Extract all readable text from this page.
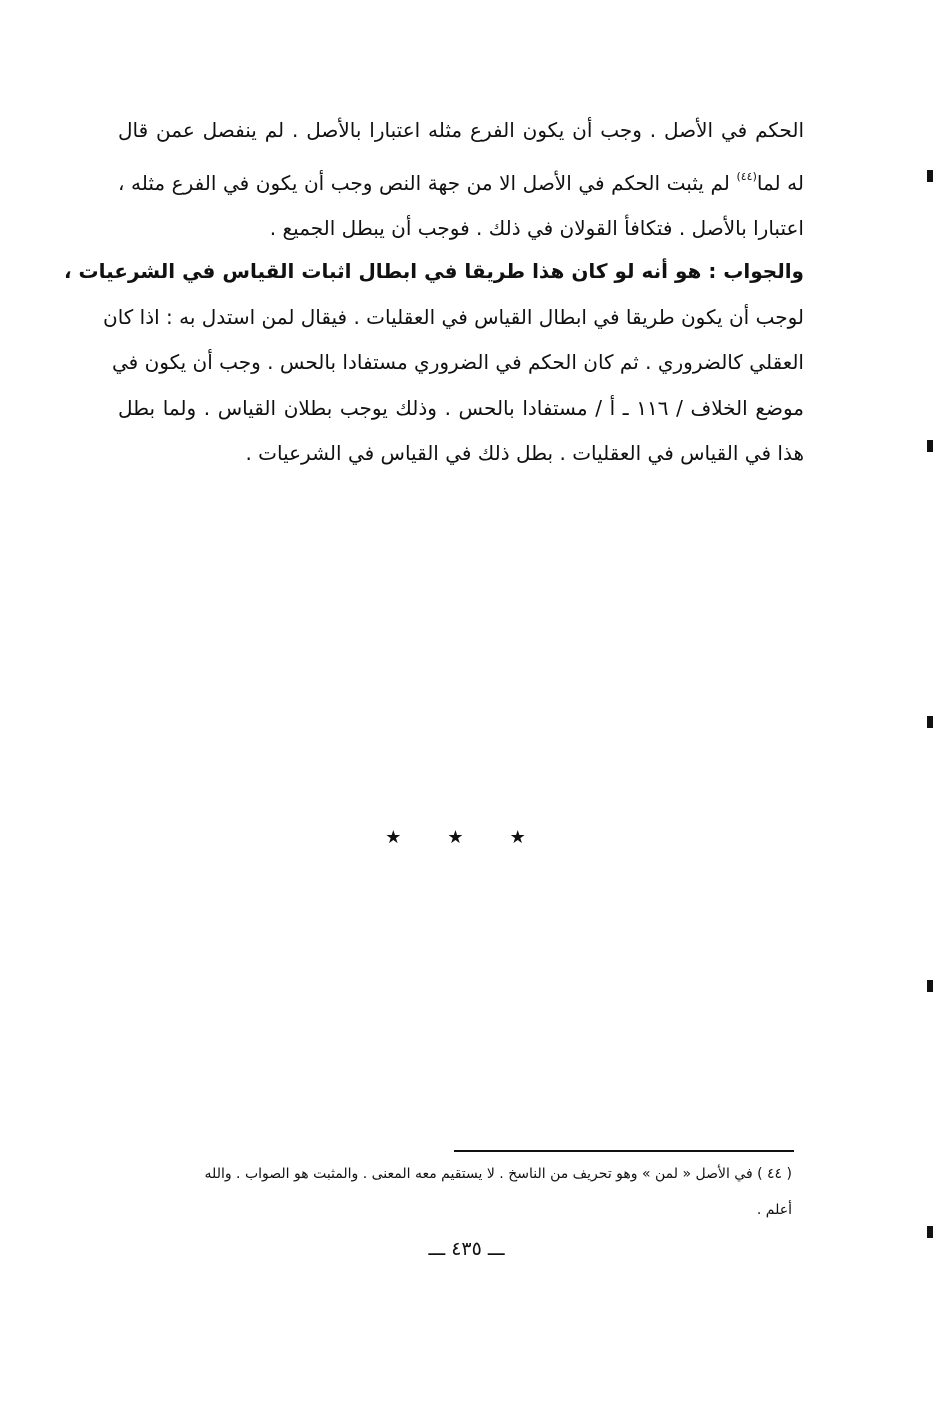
الحكم في الأصل . وجب أن يكون الفرع مثله اعتبارا بالأصل . لم ينفصل عمن قال
له لما$^{(٤٤)}$ لم يثبت الحكم في الأصل الا من جهة النص وجب أن يكون في الفرع مثله ،
اعتبارا بالأصل . فتكافأ القولان في ذلك . فوجب أن يبطل الجميع .
والجواب : هو أنه لو كان هذا طريقا في ابطال اثبات القياس في الشرعيات ،
لوجب أن يكون طريقا في ابطال القياس في العقليات . فيقال لمن استدل به : اذا كان
العقلي كالضروري . ثم كان الحكم في الضروري مستفادا بالحس . وجب أن يكون في
موضع الخلاف / ١١٦ ـ أ / مستفادا بالحس . وذلك يوجب بطلان القياس . ولما بطل
هذا في القياس في العقليات . بطل ذلك في القياس في الشرعيات .
★★★
( ٤٤ ) في الأصل « لمن » وهو تحريف من الناسخ . لا يستقيم معه المعنى . والمثبت هو الصواب . والله
أعلم .
ـــ ٤٣٥ ـــ
